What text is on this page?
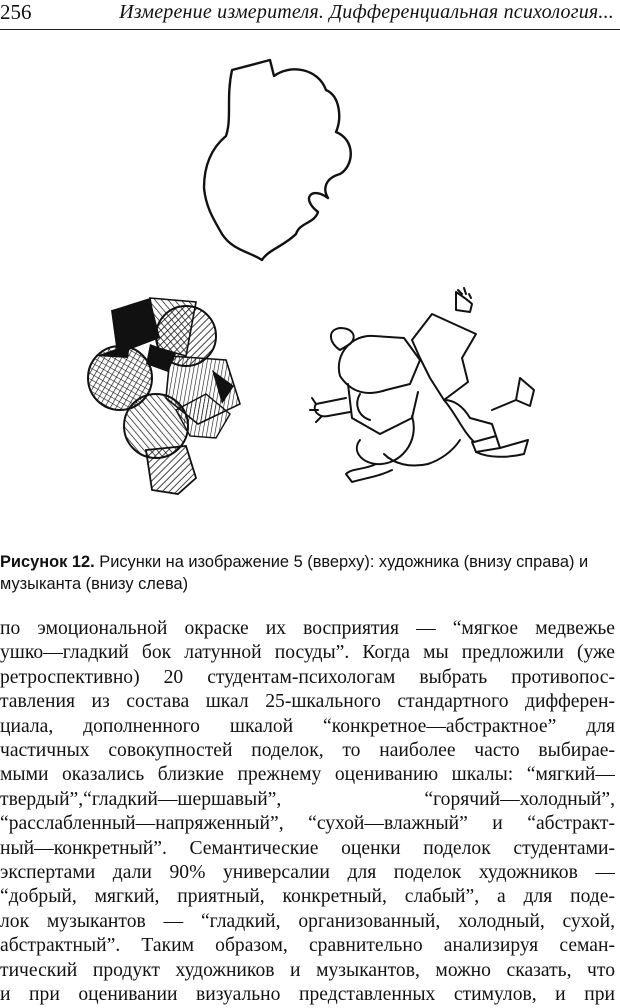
256	Измерение измерителя. Дифференциальная психология...
Рисунок 12. Рисунки на изображение 5 (вверху): художника (внизу справа) и музыканта (внизу слева)
по эмоциональной окраске их восприятия — “мягкое медвежье
ушко—гладкий бок латунной посуды”. Когда мы предложили (уже
ретроспективно) 20 студентам-психологам выбрать противопос-
тавления из состава шкал 25-шкального стандартного дифферен-
циала, дополненного шкалой “конкретное—абстрактное” для
частичных совокупностей поделок, то наиболее часто выбирае-
мыми оказались близкие прежнему оцениванию шкалы: “мягкий—
твердый”,“гладкий—шершавый”, “горячий—холодный”,
“расслабленный—напряженный”, “сухой—влажный” и “абстракт-
ный—конкретный”. Семантические оценки поделок студентами-
экспертами дали 90% универсалии для поделок художников —
“добрый, мягкий, приятный, конкретный, слабый”, а для поде-
лок музыкантов — “гладкий, организованный, холодный, сухой,
абстрактный”. Таким образом, сравнительно анализируя семан-
тический продукт художников и музыкантов, можно сказать, что
и при оценивании визуально представленных стимулов, и при
